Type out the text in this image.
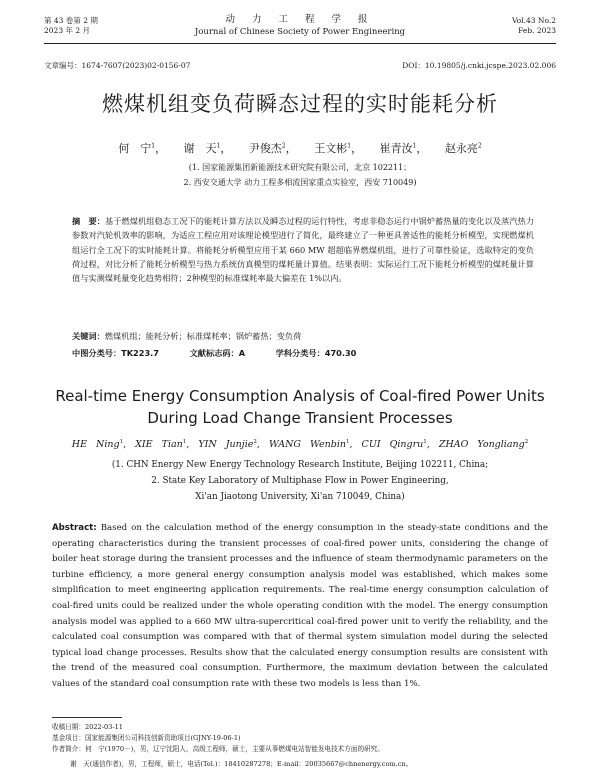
第 43 卷第 2 期
2023 年 2 月
动 力 工 程 学 报
Journal of Chinese Society of Power Engineering
Vol.43 No.2
Feb. 2023
文章编号：1674-7607(2023)02-0156-07	DOI：10.19805/j.cnki.jcspe.2023.02.006
燃煤机组变负荷瞬态过程的实时能耗分析
何　宁$^1$， 谢　天$^1$， 尹俊杰$^2$， 王文彬$^1$， 崔青汝$^1$， 赵永亮$^2$
(1. 国家能源集团新能源技术研究院有限公司，北京 102211；
2. 西安交通大学 动力工程多相流国家重点实验室，西安 710049)
摘　要：基于燃煤机组稳态工况下的能耗计算方法以及瞬态过程的运行特性，考虑非稳态运行中锅炉蓄热量的变化以及蒸汽热力参数对汽轮机效率的影响，为适应工程应用对该理论模型进行了简化，最终建立了一种更具普适性的能耗分析模型，实现燃煤机组运行全工况下的实时能耗计算。将能耗分析模型应用于某 660 MW 超超临界燃煤机组，进行了可靠性验证，选取特定的变负荷过程，对比分析了能耗分析模型与热力系统仿真模型的煤耗量计算值。结果表明：实际运行工况下能耗分析模型的煤耗量计算值与实测煤耗量变化趋势相符；2种模型的标准煤耗率最大偏差在 1%以内。
关键词：燃煤机组；能耗分析；标准煤耗率；锅炉蓄热；变负荷
中图分类号：TK223.7	文献标志码：A	学科分类号：470.30
Real-time Energy Consumption Analysis of Coal-fired Power Units During Load Change Transient Processes
HE Ning$^1$, XIE Tian$^1$, YIN Junjie$^2$, WANG Wenbin$^1$, CUI Qingru$^1$, ZHAO Yongliang$^2$
(1. CHN Energy New Energy Technology Research Institute, Beijing 102211, China;
2. State Key Laboratory of Multiphase Flow in Power Engineering,
Xi'an Jiaotong University, Xi'an 710049, China)
Abstract: Based on the calculation method of the energy consumption in the steady-state conditions and the operating characteristics during the transient processes of coal-fired power units, considering the change of boiler heat storage during the transient processes and the influence of steam thermodynamic parameters on the turbine efficiency, a more general energy consumption analysis model was established, which makes some simplification to meet engineering application requirements. The real-time energy consumption calculation of coal-fired units could be realized under the whole operating condition with the model. The energy consumption analysis model was applied to a 660 MW ultra-supercritical coal-fired power unit to verify the reliability, and the calculated coal consumption was compared with that of thermal system simulation model during the selected typical load change processes. Results show that the calculated energy consumption results are consistent with the trend of the measured coal consumption. Furthermore, the maximum deviation between the calculated values of the standard coal consumption rate with these two models is less than 1%.
收稿日期：2022-03-11
基金项目：国家能源集团公司科技创新资助项目(GJNY-19-06-1)
作者简介：何　宁(1970－)，男，辽宁沈阳人，高级工程师，硕士，主要从事燃煤电站智能发电技术方面的研究。
谢　天(通信作者)，男，工程师，硕士，电话(Tel.)：18410287278；E-mail：20035667@chnenergy.com.cn。
